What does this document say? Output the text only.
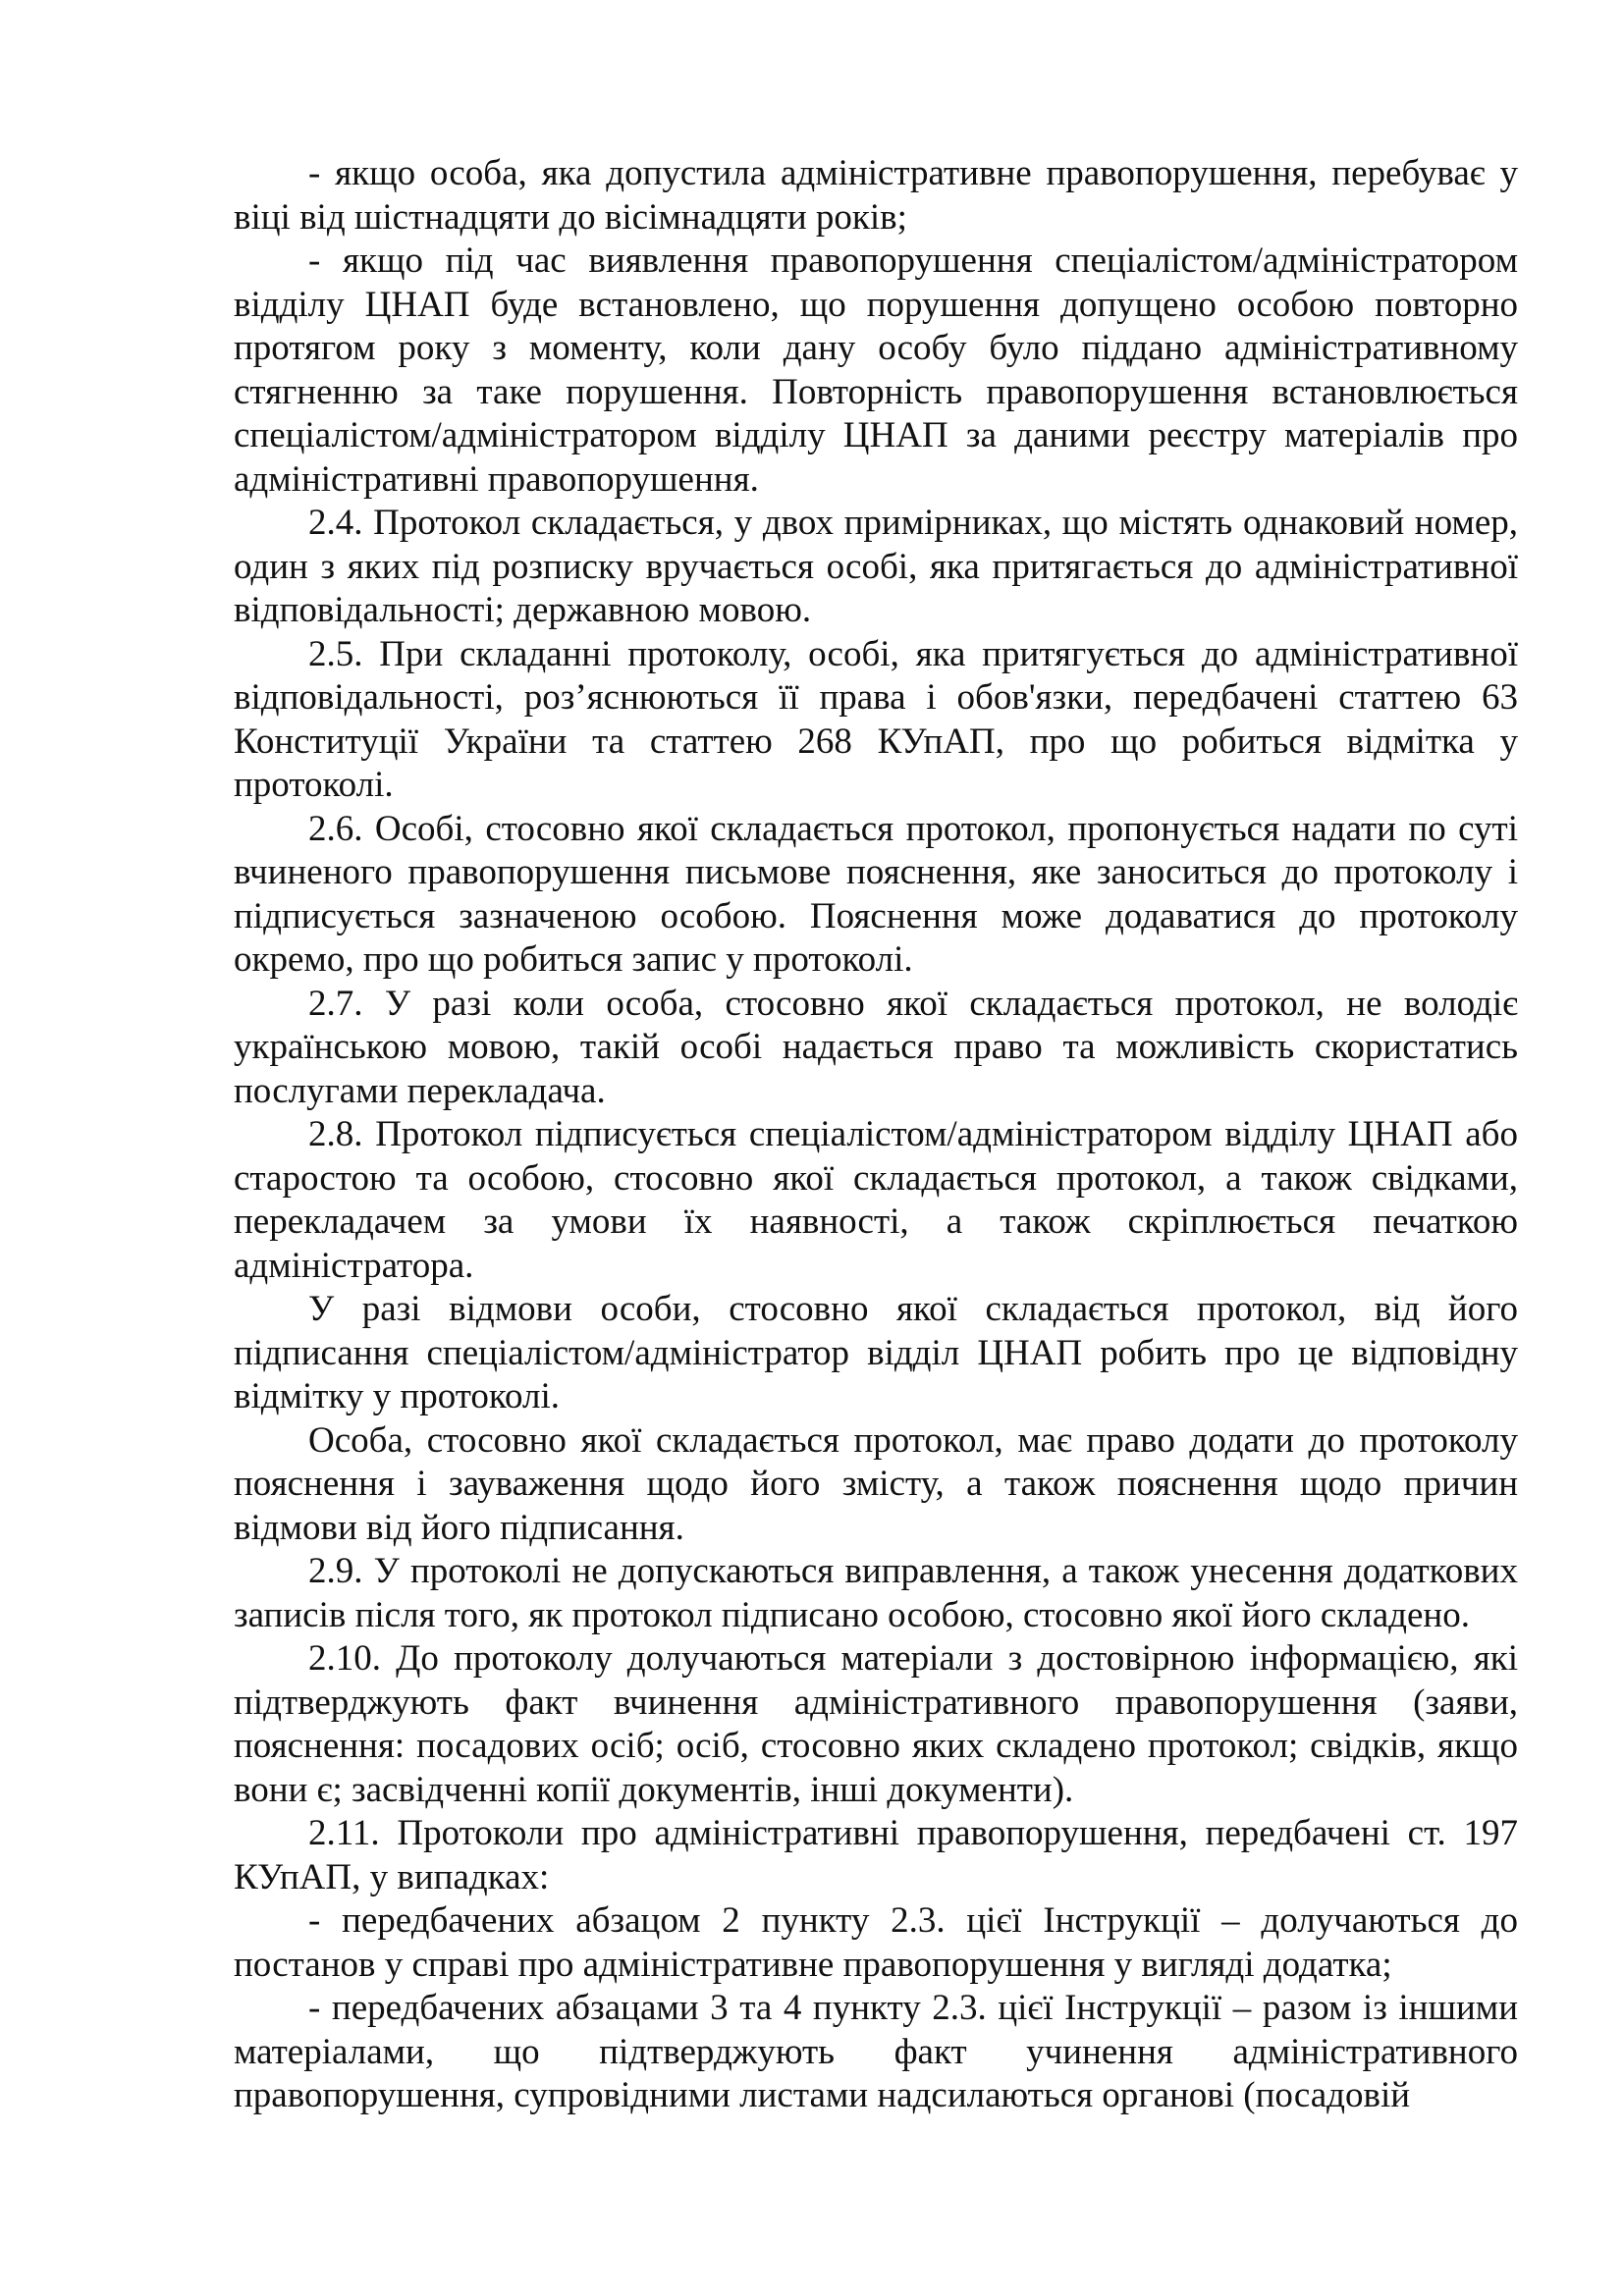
- якщо особа, яка допустила адміністративне правопорушення, перебуває у віці від шістнадцяти до вісімнадцяти років;

- якщо під час виявлення правопорушення спеціалістом/адміністратором відділу ЦНАП буде встановлено, що порушення допущено особою повторно протягом року з моменту, коли дану особу було піддано адміністративному стягненню за таке порушення. Повторність правопорушення встановлюється спеціалістом/адміністратором відділу ЦНАП за даними реєстру матеріалів про адміністративні правопорушення.

2.4. Протокол складається, у двох примірниках, що містять однаковий номер, один з яких під розписку вручається особі, яка притягається до адміністративної відповідальності; державною мовою.

2.5. При складанні протоколу, особі, яка притягується до адміністративної відповідальності, роз’яснюються її права і обов'язки, передбачені статтею 63 Конституції України та статтею 268 КУпАП, про що робиться відмітка у протоколі.

2.6. Особі, стосовно якої складається протокол, пропонується надати по суті вчиненого правопорушення письмове пояснення, яке заноситься до протоколу і підписується зазначеною особою. Пояснення може додаватися до протоколу окремо, про що робиться запис у протоколі.

2.7. У разі коли особа, стосовно якої складається протокол, не володіє українською мовою, такій особі надається право та можливість скористатись послугами перекладача.

2.8. Протокол підписується спеціалістом/адміністратором відділу ЦНАП або старостою та особою, стосовно якої складається протокол, а також свідками, перекладачем за умови їх наявності, а також скріплюється печаткою адміністратора.

У разі відмови особи, стосовно якої складається протокол, від його підписання спеціалістом/адміністратор відділ ЦНАП робить про це відповідну відмітку у протоколі.

Особа, стосовно якої складається протокол, має право додати до протоколу пояснення і зауваження щодо його змісту, а також пояснення щодо причин відмови від його підписання.

2.9. У протоколі не допускаються виправлення, а також унесення додаткових записів після того, як протокол підписано особою, стосовно якої його складено.

2.10. До протоколу долучаються матеріали з достовірною інформацією, які підтверджують факт вчинення адміністративного правопорушення (заяви, пояснення: посадових осіб; осіб, стосовно яких складено протокол; свідків, якщо вони є; засвідченні копії документів, інші документи).

2.11. Протоколи про адміністративні правопорушення, передбачені ст. 197 КУпАП, у випадках:

- передбачених абзацом 2 пункту 2.3. цієї Інструкції – долучаються до постанов у справі про адміністративне правопорушення у вигляді додатка;

- передбачених абзацами 3 та 4 пункту 2.3. цієї Інструкції – разом із іншими матеріалами, що підтверджують факт учинення адміністративного правопорушення, супровідними листами надсилаються органові (посадовій
